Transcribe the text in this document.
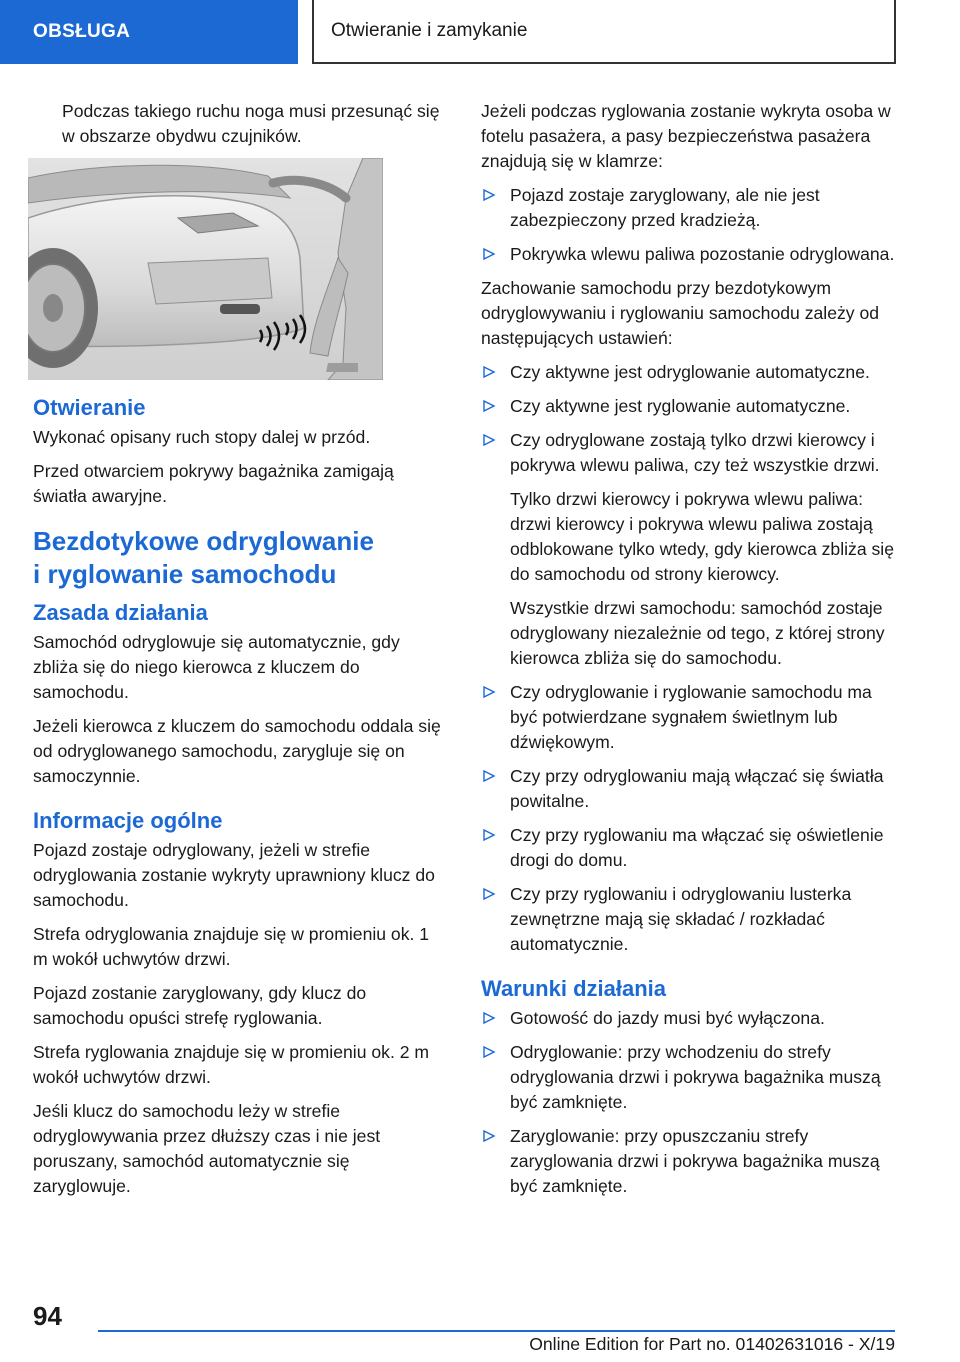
OBSŁUGA	Otwieranie i zamykanie

Podczas takiego ruchu noga musi przesunąć się w obszarze obydwu czujników.

Otwieranie

Wykonać opisany ruch stopy dalej w przód.

Przed otwarciem pokrywy bagażnika zamigają światła awaryjne.

Bezdotykowe odryglowanie
i ryglowanie samochodu
Zasada działania

Samochód odryglowuje się automatycznie, gdy zbliża się do niego kierowca z kluczem do samochodu.

Jeżeli kierowca z kluczem do samochodu oddala się od odryglowanego samochodu, zarygluje się on samoczynnie.

Informacje ogólne

Pojazd zostaje odryglowany, jeżeli w strefie odryglowania zostanie wykryty uprawniony klucz do samochodu.

Strefa odryglowania znajduje się w promieniu ok. 1 m wokół uchwytów drzwi.

Pojazd zostanie zaryglowany, gdy klucz do samochodu opuści strefę ryglowania.

Strefa ryglowania znajduje się w promieniu ok. 2 m wokół uchwytów drzwi.

Jeśli klucz do samochodu leży w strefie odryglowywania przez dłuższy czas i nie jest poruszany, samochód automatycznie się zaryglowuje.

Jeżeli podczas ryglowania zostanie wykryta osoba w fotelu pasażera, a pasy bezpieczeństwa pasażera znajdują się w klamrze:

Pojazd zostaje zaryglowany, ale nie jest zabezpieczony przed kradzieżą.
Pokrywka wlewu paliwa pozostanie odryglowana.

Zachowanie samochodu przy bezdotykowym odryglowywaniu i ryglowaniu samochodu zależy od następujących ustawień:

Czy aktywne jest odryglowanie automatyczne.
Czy aktywne jest ryglowanie automatyczne.
Czy odryglowane zostają tylko drzwi kierowcy i pokrywa wlewu paliwa, czy też wszystkie drzwi.

Tylko drzwi kierowcy i pokrywa wlewu paliwa: drzwi kierowcy i pokrywa wlewu paliwa zostają odblokowane tylko wtedy, gdy kierowca zbliża się do samochodu od strony kierowcy.

Wszystkie drzwi samochodu: samochód zostaje odryglowany niezależnie od tego, z której strony kierowca zbliża się do samochodu.

Czy odryglowanie i ryglowanie samochodu ma być potwierdzane sygnałem świetlnym lub dźwiękowym.
Czy przy odryglowaniu mają włączać się światła powitalne.
Czy przy ryglowaniu ma włączać się oświetlenie drogi do domu.
Czy przy ryglowaniu i odryglowaniu lusterka zewnętrzne mają się składać / rozkładać automatycznie.
Warunki działania
Gotowość do jazdy musi być wyłączona.
Odryglowanie: przy wchodzeniu do strefy odryglowania drzwi i pokrywa bagażnika muszą być zamknięte.
Zaryglowanie: przy opuszczaniu strefy zaryglowania drzwi i pokrywa bagażnika muszą być zamknięte.
94
Online Edition for Part no. 01402631016 - X/19
